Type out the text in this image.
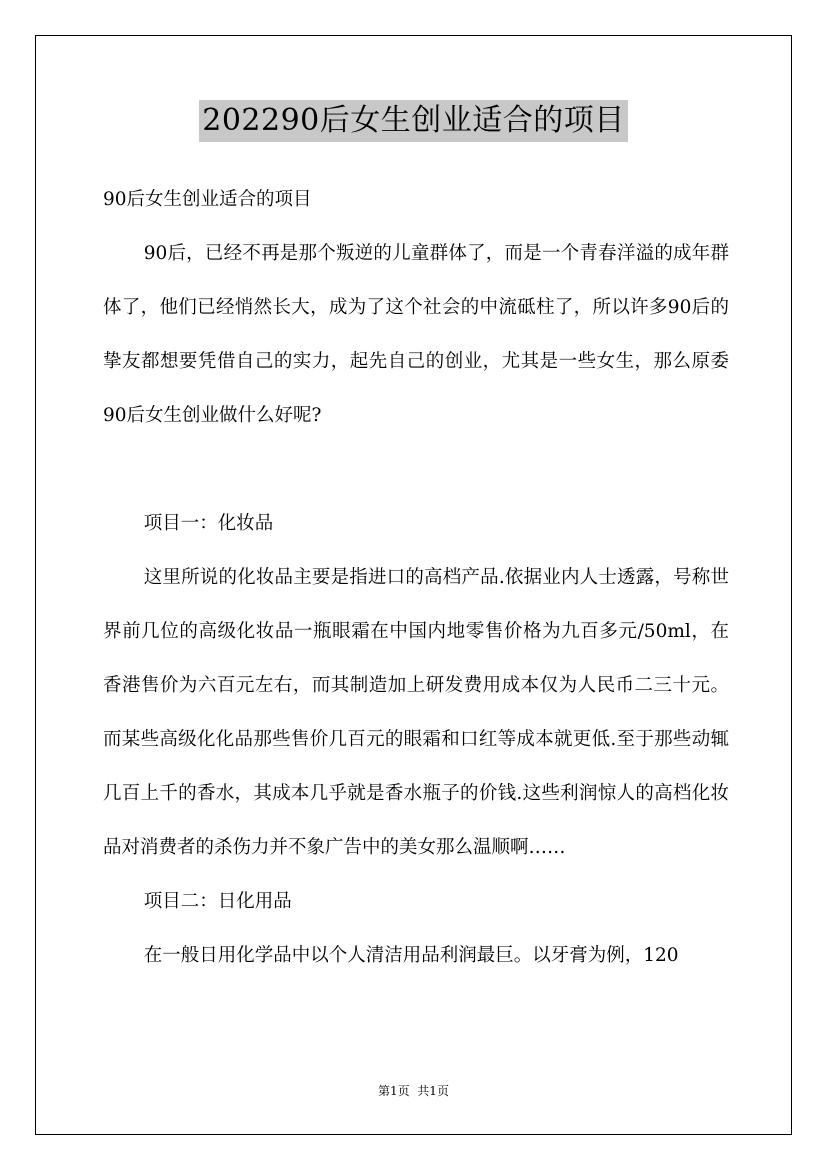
202290后女生创业适合的项目

90后女生创业适合的项目

90后，已经不再是那个叛逆的儿童群体了，而是一个青春洋溢的成年群体了，他们已经悄然长大，成为了这个社会的中流砥柱了，所以许多90后的挚友都想要凭借自己的实力，起先自己的创业，尤其是一些女生，那么原委90后女生创业做什么好呢?

项目一：化妆品

这里所说的化妆品主要是指进口的高档产品.依据业内人士透露，号称世界前几位的高级化妆品一瓶眼霜在中国内地零售价格为九百多元/50ml，在香港售价为六百元左右，而其制造加上研发费用成本仅为人民币二三十元。而某些高级化化品那些售价几百元的眼霜和口红等成本就更低.至于那些动辄几百上千的香水，其成本几乎就是香水瓶子的价钱.这些利润惊人的高档化妆品对消费者的杀伤力并不象广告中的美女那么温顺啊……

项目二：日化用品

在一般日用化学品中以个人清洁用品利润最巨。以牙膏为例，120

第1页  共1页
